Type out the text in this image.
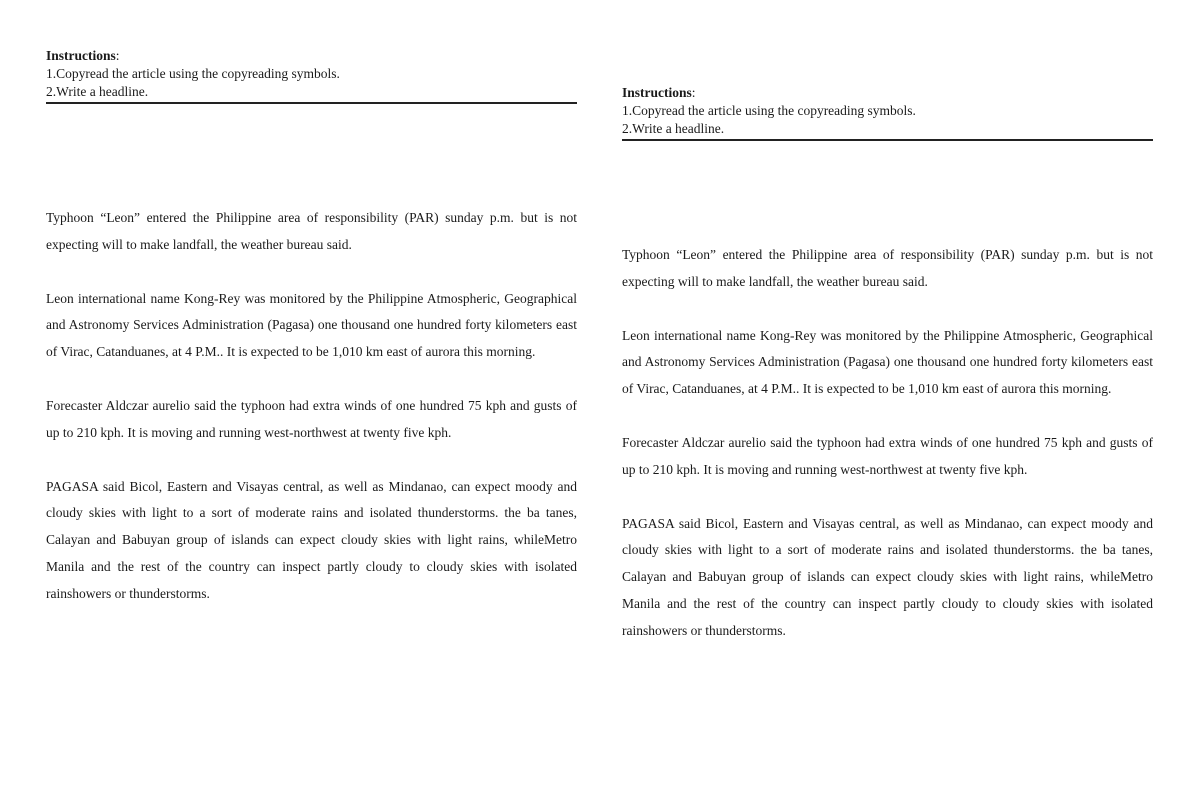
Instructions:
1.Copyread the article using the copyreading symbols.
2.Write a headline.

Typhoon “Leon” entered the Philippine area of responsibility (PAR) sunday p.m. but is not expecting will to make landfall, the weather bureau said.

Leon international name Kong-Rey was monitored by the Philippine Atmospheric, Geographical and Astronomy Services Administration (Pagasa) one thousand one hundred forty kilometers east of Virac, Catanduanes, at 4 P.M.. It is expected to be 1,010 km east of aurora this morning.

Forecaster Aldczar aurelio said the typhoon had extra winds of one hundred 75 kph and gusts of up to 210 kph. It is moving and running west-northwest at twenty five kph.

PAGASA said Bicol, Eastern and Visayas central, as well as Mindanao, can expect moody and cloudy skies with light to a sort of moderate rains and isolated thunderstorms. the ba tanes, Calayan and Babuyan group of islands can expect cloudy skies with light rains, whileMetro Manila and the rest of the country can inspect partly cloudy to cloudy skies with isolated rainshowers or thunderstorms.

Instructions:
1.Copyread the article using the copyreading symbols.
2.Write a headline.

Typhoon “Leon” entered the Philippine area of responsibility (PAR) sunday p.m. but is not expecting will to make landfall, the weather bureau said.

Leon international name Kong-Rey was monitored by the Philippine Atmospheric, Geographical and Astronomy Services Administration (Pagasa) one thousand one hundred forty kilometers east of Virac, Catanduanes, at 4 P.M.. It is expected to be 1,010 km east of aurora this morning.

Forecaster Aldczar aurelio said the typhoon had extra winds of one hundred 75 kph and gusts of up to 210 kph. It is moving and running west-northwest at twenty five kph.

PAGASA said Bicol, Eastern and Visayas central, as well as Mindanao, can expect moody and cloudy skies with light to a sort of moderate rains and isolated thunderstorms. the ba tanes, Calayan and Babuyan group of islands can expect cloudy skies with light rains, whileMetro Manila and the rest of the country can inspect partly cloudy to cloudy skies with isolated rainshowers or thunderstorms.
